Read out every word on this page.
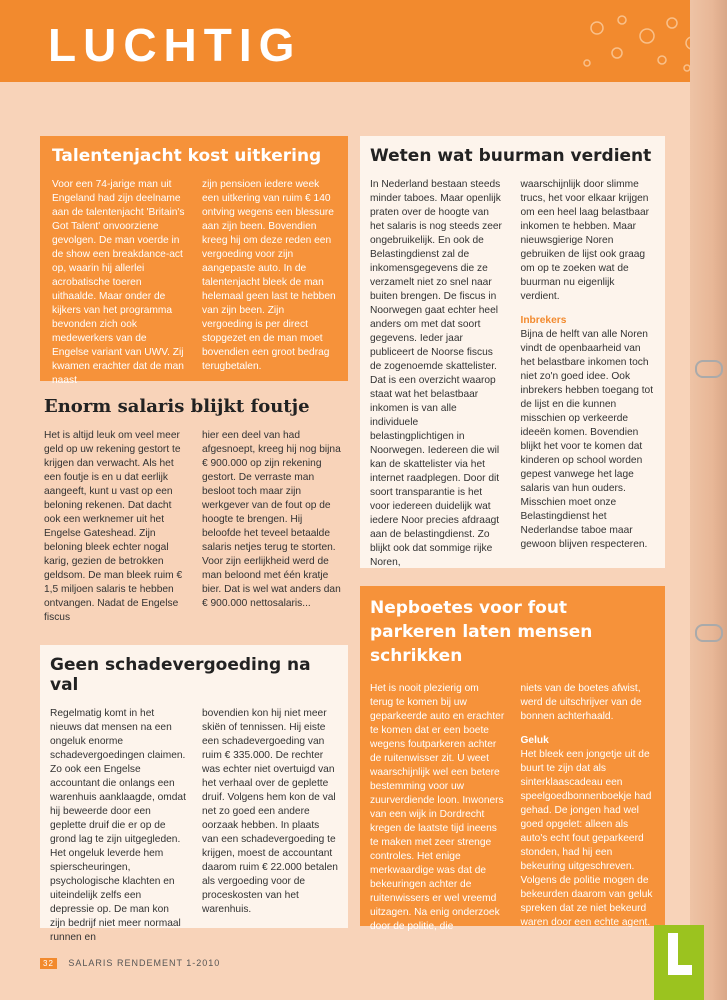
LUCHTIG
Talentenjacht kost uitkering
Voor een 74-jarige man uit Engeland had zijn deelname aan de talentenjacht 'Britain's Got Talent' onvoorziene gevolgen. De man voerde in de show een breakdance-act op, waarin hij allerlei acrobatische toeren uithaalde. Maar onder de kijkers van het programma bevonden zich ook medewerkers van de Engelse variant van UWV. Zij kwamen erachter dat de man naast
zijn pensioen iedere week een uitkering van ruim € 140 ontving wegens een blessure aan zijn been. Bovendien kreeg hij om deze reden een vergoeding voor zijn aangepaste auto. In de talentenjacht bleek de man helemaal geen last te hebben van zijn been. Zijn vergoeding is per direct stopgezet en de man moet bovendien een groot bedrag terugbetalen.
Weten wat buurman verdient
In Nederland bestaan steeds minder taboes. Maar openlijk praten over de hoogte van het salaris is nog steeds zeer ongebruikelijk. En ook de Belastingdienst zal de inkomensgegevens die ze verzamelt niet zo snel naar buiten brengen. De fiscus in Noorwegen gaat echter heel anders om met dat soort gegevens. Ieder jaar publiceert de Noorse fiscus de zogenoemde skattelister. Dat is een overzicht waarop staat wat het belastbaar inkomen is van alle individuele belastingplichtigen in Noorwegen. Iedereen die wil kan de skattelister via het internet raadplegen. Door dit soort transparantie is het voor iedereen duidelijk wat iedere Noor precies afdraagt aan de belastingdienst. Zo blijkt ook dat sommige rijke Noren,

waarschijnlijk door slimme trucs, het voor elkaar krijgen om een heel laag belastbaar inkomen te hebben. Maar nieuwsgierige Noren gebruiken de lijst ook graag om op te zoeken wat de buurman nu eigenlijk verdient.

Inbrekers

Bijna de helft van alle Noren vindt de openbaarheid van het belastbare inkomen toch niet zo'n goed idee. Ook inbrekers hebben toegang tot de lijst en die kunnen misschien op verkeerde ideeën komen. Bovendien blijkt het voor te komen dat kinderen op school worden gepest vanwege het lage salaris van hun ouders. Misschien moet onze Belastingdienst het Nederlandse taboe maar gewoon blijven respecteren.

Enorm salaris blijkt foutje
Het is altijd leuk om veel meer geld op uw rekening gestort te krijgen dan verwacht. Als het een foutje is en u dat eerlijk aangeeft, kunt u vast op een beloning rekenen. Dat dacht ook een werknemer uit het Engelse Gateshead. Zijn beloning bleek echter nogal karig, gezien de betrokken geldsom. De man bleek ruim € 1,5 miljoen salaris te hebben ontvangen. Nadat de Engelse fiscus
hier een deel van had afgesnoept, kreeg hij nog bijna € 900.000 op zijn rekening gestort. De verraste man besloot toch maar zijn werkgever van de fout op de hoogte te brengen. Hij beloofde het teveel betaalde salaris netjes terug te storten. Voor zijn eerlijkheid werd de man beloond met één kratje bier. Dat is wel wat anders dan € 900.000 nettosalaris...
Geen schadevergoeding na val
Regelmatig komt in het nieuws dat mensen na een ongeluk enorme schadevergoedingen claimen. Zo ook een Engelse accountant die onlangs een warenhuis aanklaagde, omdat hij beweerde door een geplette druif die er op de grond lag te zijn uitgegleden. Het ongeluk leverde hem spierscheuringen, psychologische klachten en uiteindelijk zelfs een depressie op. De man kon zijn bedrijf niet meer normaal runnen en
bovendien kon hij niet meer skiën of tennissen. Hij eiste een schadevergoeding van ruim € 335.000. De rechter was echter niet overtuigd van het verhaal over de geplette druif. Volgens hem kon de val net zo goed een andere oorzaak hebben. In plaats van een schadevergoeding te krijgen, moest de accountant daarom ruim € 22.000 betalen als vergoeding voor de proceskosten van het warenhuis.
Nepboetes voor fout parkeren laten mensen schrikken
Het is nooit plezierig om terug te komen bij uw geparkeerde auto en erachter te komen dat er een boete wegens foutparkeren achter de ruitenwisser zit. U weet waarschijnlijk wel een betere bestemming voor uw zuurverdiende loon. Inwoners van een wijk in Dordrecht kregen de laatste tijd ineens te maken met zeer strenge controles. Het enige merkwaardige was dat de bekeuringen achter de ruitenwissers er wel vreemd uitzagen. Na enig onderzoek door de politie, die

niets van de boetes afwist, werd de uitschrijver van de bonnen achterhaald.

Geluk

Het bleek een jongetje uit de buurt te zijn dat als sinterklaascadeau een speelgoedbonnenboekje had gehad. De jongen had wel goed opgelet: alleen als auto's echt fout geparkeerd stonden, had hij een bekeuring uitgeschreven. Volgens de politie mogen de bekeurden daarom van geluk spreken dat ze niet bekeurd waren door een echte agent.

32 SALARIS RENDEMENT 1-2010
